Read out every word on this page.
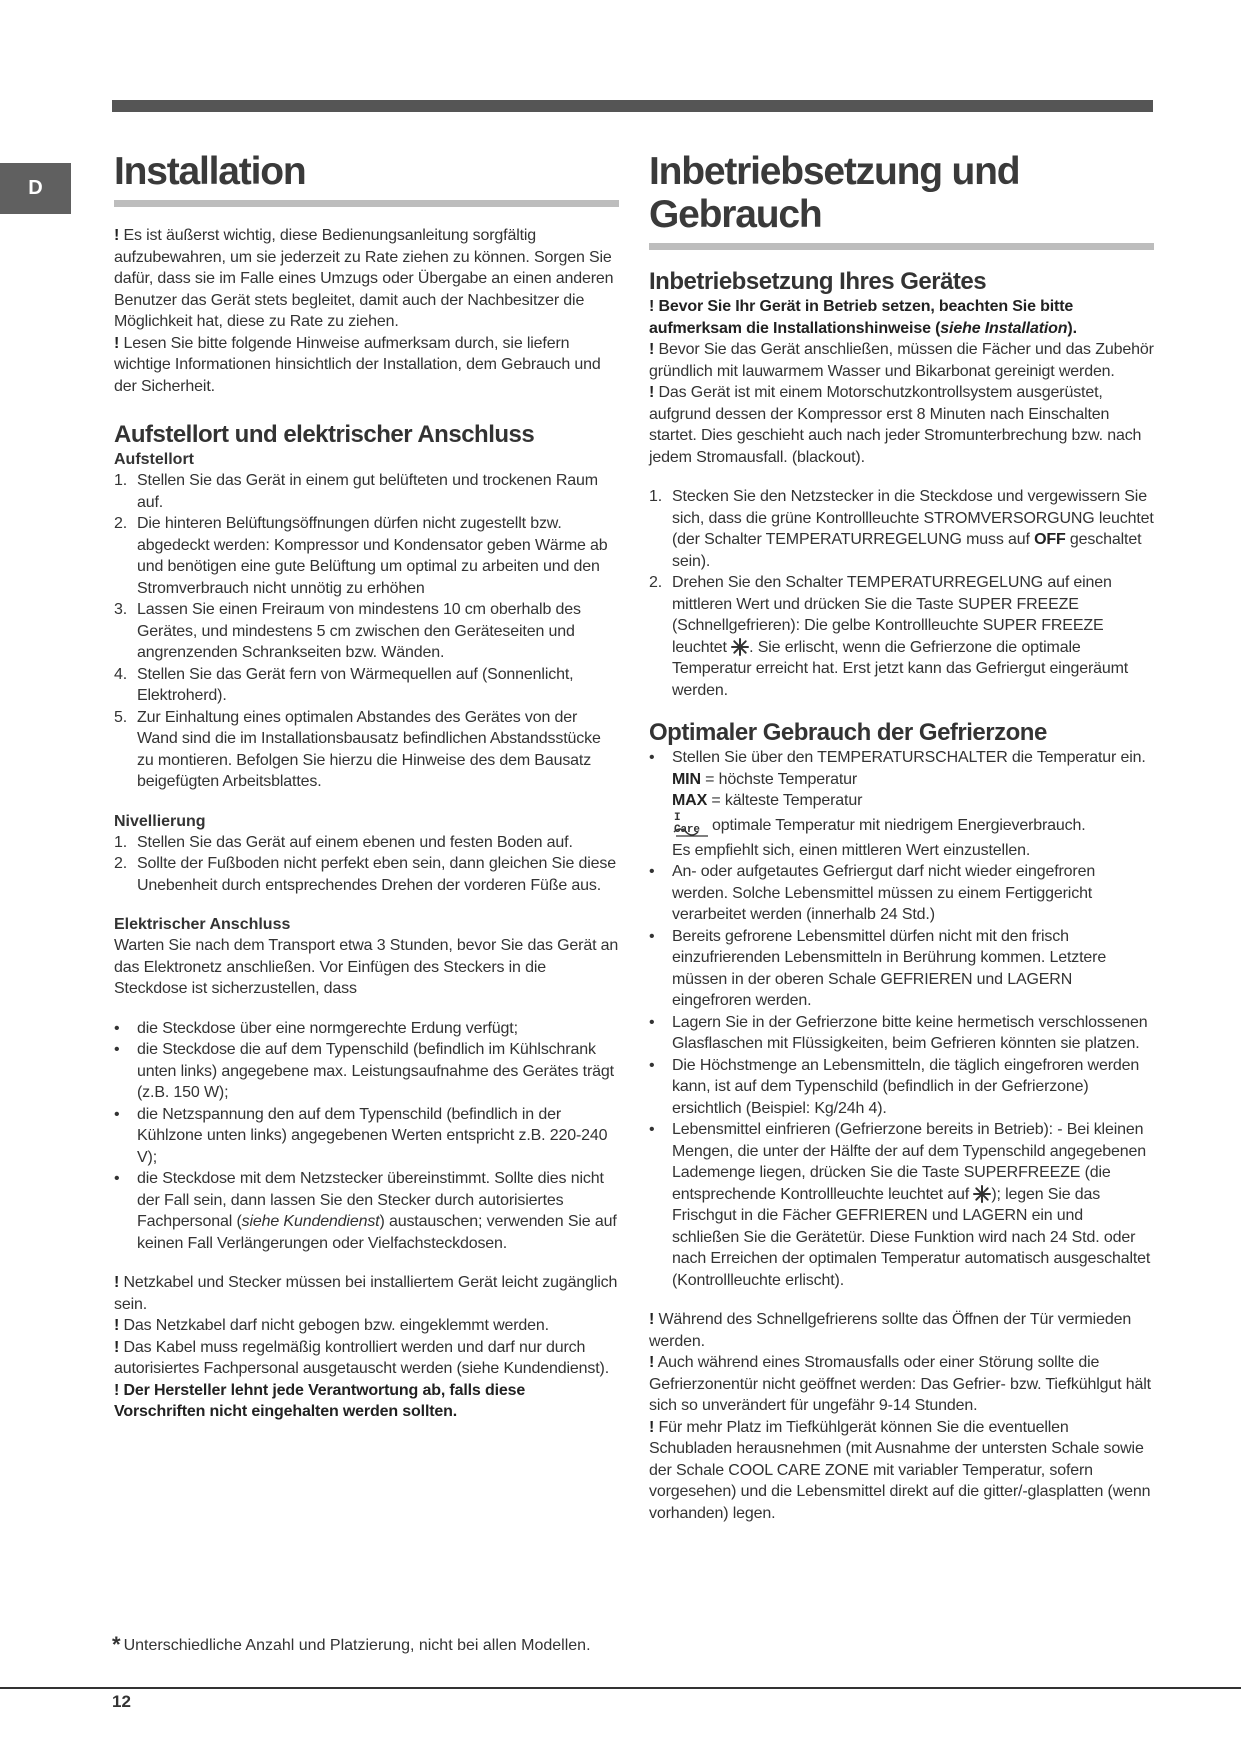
D	Installation

! Es ist äußerst wichtig, diese Bedienungsanleitung sorgfältig aufzubewahren, um sie jederzeit zu Rate ziehen zu können. Sorgen Sie dafür, dass sie im Falle eines Umzugs oder Übergabe an einen anderen Benutzer das Gerät stets begleitet, damit auch der Nachbesitzer die Möglichkeit hat, diese zu Rate zu ziehen.

! Lesen Sie bitte folgende Hinweise aufmerksam durch, sie liefern wichtige Informationen hinsichtlich der Installation, dem Gebrauch und der Sicherheit.

Aufstellort und elektrischer Anschluss
Aufstellort
1. Stellen Sie das Gerät in einem gut belüfteten und trockenen Raum auf.
2. Die hinteren Belüftungsöffnungen dürfen nicht zugestellt bzw. abgedeckt werden: Kompressor und Kondensator geben Wärme ab und benötigen eine gute Belüftung um optimal zu arbeiten und den Stromverbrauch nicht unnötig zu erhöhen
3. Lassen Sie einen Freiraum von mindestens 10 cm oberhalb des Gerätes, und mindestens 5 cm zwischen den Geräteseiten und angrenzenden Schrankseiten bzw. Wänden.
4. Stellen Sie das Gerät fern von Wärmequellen auf (Sonnenlicht, Elektroherd).
5. Zur Einhaltung eines optimalen Abstandes des Gerätes von der Wand sind die im Installationsbausatz befindlichen Abstandsstücke zu montieren. Befolgen Sie hierzu die Hinweise des dem Bausatz beigefügten Arbeitsblattes.
Nivellierung
1. Stellen Sie das Gerät auf einem ebenen und festen Boden auf.
2. Sollte der Fußboden nicht perfekt eben sein, dann gleichen Sie diese Unebenheit durch entsprechendes Drehen der vorderen Füße aus.
Elektrischer Anschluss

Warten Sie nach dem Transport etwa 3 Stunden, bevor Sie das Gerät an das Elektronetz anschließen. Vor Einfügen des Steckers in die Steckdose ist sicherzustellen, dass

• die Steckdose über eine normgerechte Erdung verfügt;
• die Steckdose die auf dem Typenschild (befindlich im Kühlschrank unten links) angegebene max. Leistungsaufnahme des Gerätes trägt (z.B. 150 W);
• die Netzspannung den auf dem Typenschild (befindlich in der Kühlzone unten links) angegebenen Werten entspricht z.B. 220-240 V);
• die Steckdose mit dem Netzstecker übereinstimmt. Sollte dies nicht der Fall sein, dann lassen Sie den Stecker durch autorisiertes Fachpersonal (siehe Kundendienst) austauschen; verwenden Sie auf keinen Fall Verlängerungen oder Vielfachsteckdosen.

! Netzkabel und Stecker müssen bei installiertem Gerät leicht zugänglich sein.

! Das Netzkabel darf nicht gebogen bzw. eingeklemmt werden.

! Das Kabel muss regelmäßig kontrolliert werden und darf nur durch autorisiertes Fachpersonal ausgetauscht werden (siehe Kundendienst).

! Der Hersteller lehnt jede Verantwortung ab, falls diese Vorschriften nicht eingehalten werden sollten.

Inbetriebsetzung und
Gebrauch
Inbetriebsetzung Ihres Gerätes

! Bevor Sie Ihr Gerät in Betrieb setzen, beachten Sie bitte aufmerksam die Installationshinweise (siehe Installation).

! Bevor Sie das Gerät anschließen, müssen die Fächer und das Zubehör gründlich mit lauwarmem Wasser und Bikarbonat gereinigt werden.

! Das Gerät ist mit einem Motorschutzkontrollsystem ausgerüstet, aufgrund dessen der Kompressor erst 8 Minuten nach Einschalten startet. Dies geschieht auch nach jeder Stromunterbrechung bzw. nach jedem Stromausfall. (blackout).

1. Stecken Sie den Netzstecker in die Steckdose und vergewissern Sie sich, dass die grüne Kontrollleuchte STROMVERSORGUNG leuchtet (der Schalter TEMPERATURREGELUNG muss auf OFF geschaltet sein).
2. Drehen Sie den Schalter TEMPERATURREGELUNG auf einen mittleren Wert und drücken Sie die Taste SUPER FREEZE (Schnellgefrieren): Die gelbe Kontrollleuchte SUPER FREEZE leuchtet . Sie erlischt, wenn die Gefrierzone die optimale Temperatur erreicht hat. Erst jetzt kann das Gefriergut eingeräumt werden.
Optimaler Gebrauch der Gefrierzone
• Stellen Sie über den TEMPERATURSCHALTER die Temperatur ein.
MIN = höchste Temperatur
MAX = kälteste Temperatur

I Care optimale Temperatur mit niedrigem Energieverbrauch.
Es empfiehlt sich, einen mittleren Wert einzustellen.
• An- oder aufgetautes Gefriergut darf nicht wieder eingefroren werden. Solche Lebensmittel müssen zu einem Fertiggericht verarbeitet werden (innerhalb 24 Std.)
• Bereits gefrorene Lebensmittel dürfen nicht mit den frisch einzufrierenden Lebensmitteln in Berührung kommen. Letztere müssen in der oberen Schale GEFRIEREN und LAGERN eingefroren werden.
• Lagern Sie in der Gefrierzone bitte keine hermetisch verschlossenen Glasflaschen mit Flüssigkeiten, beim Gefrieren könnten sie platzen.
• Die Höchstmenge an Lebensmitteln, die täglich eingefroren werden kann, ist auf dem Typenschild (befindlich in der Gefrierzone) ersichtlich (Beispiel: Kg/24h 4).
• Lebensmittel einfrieren (Gefrierzone bereits in Betrieb): - Bei kleinen Mengen, die unter der Hälfte der auf dem Typenschild angegebenen Lademenge liegen, drücken Sie die Taste SUPERFREEZE (die entsprechende Kontrollleuchte leuchtet auf ); legen Sie das Frischgut in die Fächer GEFRIEREN und LAGERN ein und schließen Sie die Gerätetür. Diese Funktion wird nach 24 Std. oder nach Erreichen der optimalen Temperatur automatisch ausgeschaltet (Kontrollleuchte erlischt).

! Während des Schnellgefrierens sollte das Öffnen der Tür vermieden werden.

! Auch während eines Stromausfalls oder einer Störung sollte die Gefrierzonentür nicht geöffnet werden: Das Gefrier- bzw. Tiefkühlgut hält sich so unverändert für ungefähr 9-14 Stunden.

! Für mehr Platz im Tiefkühlgerät können Sie die eventuellen Schubladen herausnehmen (mit Ausnahme der untersten Schale sowie der Schale COOL CARE ZONE mit variabler Temperatur, sofern vorgesehen) und die Lebensmittel direkt auf die gitter/-glasplatten (wenn vorhanden) legen.

* Unterschiedliche Anzahl und Platzierung, nicht bei allen Modellen.
12
